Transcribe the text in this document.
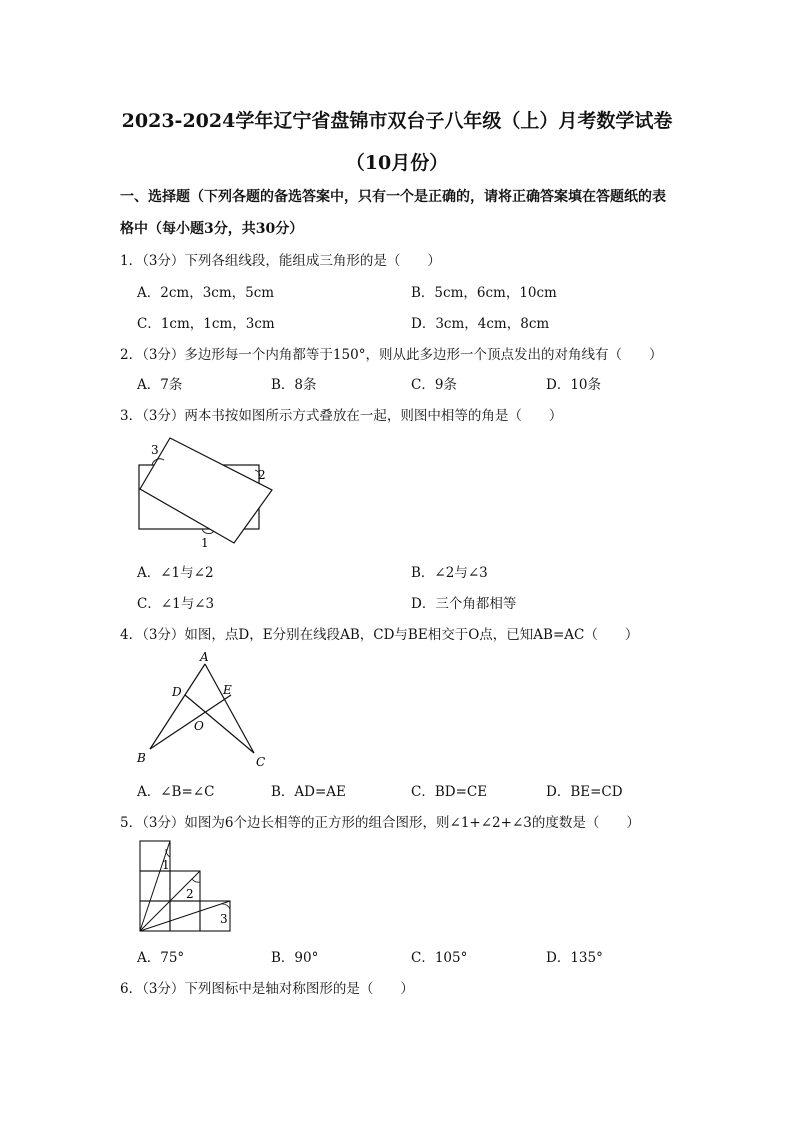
2023-2024学年辽宁省盘锦市双台子八年级（上）月考数学试卷
（10月份）
一、选择题（下列各题的备选答案中，只有一个是正确的，请将正确答案填在答题纸的表
格中（每小题3分，共30分）
1．（3分）下列各组线段，能组成三角形的是（　　）
A．2cm，3cm，5cm	B．5cm，6cm，10cm
C．1cm，1cm，3cm	D．3cm，4cm，8cm
2．（3分）多边形每一个内角都等于150°，则从此多边形一个顶点发出的对角线有（　　）
A．7条	B．8条	C．9条	D．10条
3．（3分）两本书按如图所示方式叠放在一起，则图中相等的角是（　　）
3
2
1
A．∠1与∠2	B．∠2与∠3
C．∠1与∠3	D．三个角都相等
4．（3分）如图，点D，E分别在线段AB，CD与BE相交于O点，已知AB=AC（　　）
A
D	E
O
B	C
A．∠B=∠C	B．AD=AE	C．BD=CE	D．BE=CD
5．（3分）如图为6个边长相等的正方形的组合图形，则∠1+∠2+∠3的度数是（　　）
1
2
3
A．75°	B．90°	C．105°	D．135°
6．（3分）下列图标中是轴对称图形的是（　　）
